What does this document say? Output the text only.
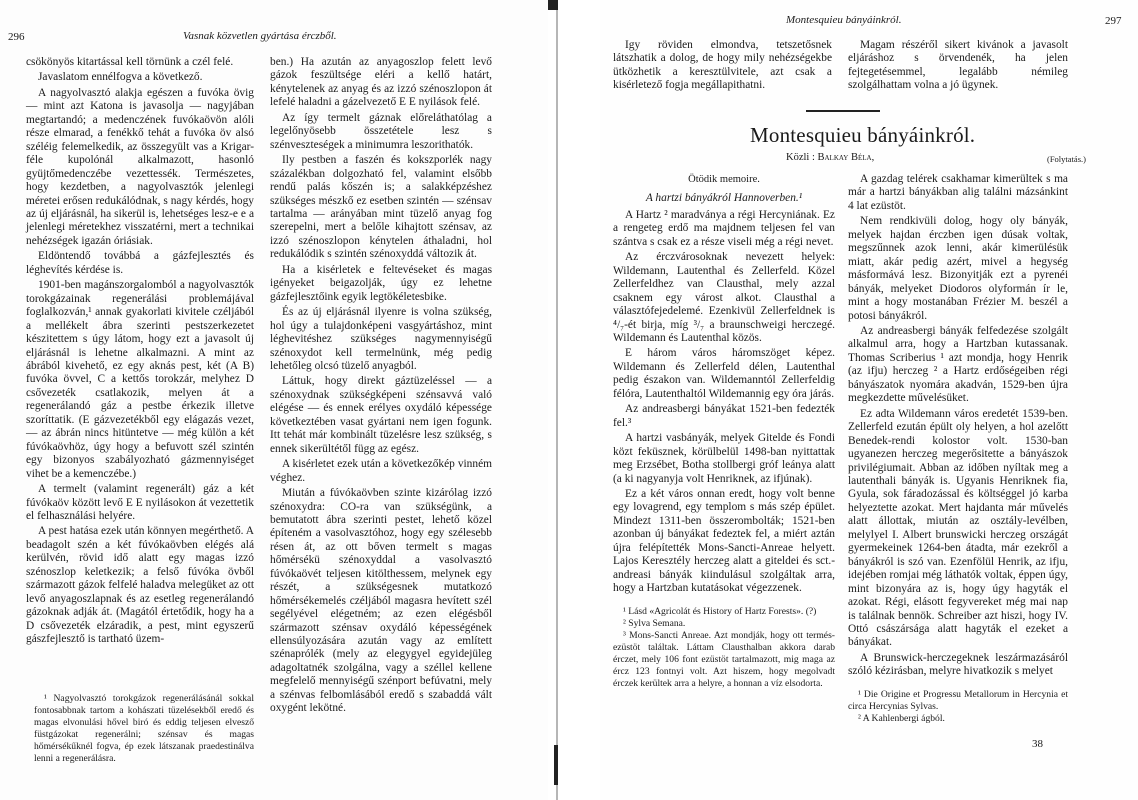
296	Vasnak közvetlen gyártása érczből.

csökönyös kitartással kell törnünk a czél felé.

Javaslatom ennélfogva a következő.

A nagyolvasztó alakja egészen a fuvóka övig — mint azt Katona is javasolja — nagyjában megtartandó; a medenczének fuvókaövön alóli része elmarad, a fenékkő tehát a fuvóka öv alsó széléig felemelkedik, az összegyült vas a Krigar-féle kupolónál alkalmazott, hasonló gyüjtőmedenczébe vezettessék. Természetes, hogy kezdetben, a nagyolvasztók jelenlegi méretei erősen redukálódnak, s nagy kérdés, hogy az új eljárásnál, ha sikerül is, lehetséges lesz-e e a jelenlegi méretekhez visszatérni, mert a technikai nehézségek igazán óriásiak.

Eldöntendő továbbá a gázfejlesztés és léghevítés kérdése is.

1901-ben magánszorgalomból a nagyolvasztók torokgázainak regenerálási problemájával foglalkozván,¹ annak gyakorlati kivitele czéljából a mellékelt ábra szerinti pestszerkezetet készitettem s úgy látom, hogy ezt a javasolt új eljárásnál is lehetne alkalmazni. A mint az ábrából kivehető, ez egy aknás pest, két (A B) fuvóka övvel, C a kettős torokzár, melyhez D csővezeték csatlakozik, melyen át a regenerálandó gáz a pestbe érkezik illetve szoríttatik. (E gázvezetékből egy elágazás vezet, — az ábrán nincs hitüntetve — még külön a két fúvókaövhöz, úgy hogy a befuvott szél szintén egy bizonyos szabályozható gázmennyiséget vihet be a kemenczébe.)

A termelt (valamint regenerált) gáz a két fúvókaöv között levő E E nyilásokon át vezettetik el felhasználási helyére.

A pest hatása ezek után könnyen megérthető. A beadagolt szén a két fúvókaövben elégés alá kerülvén, rövid idő alatt egy magas izzó szénoszlop keletkezik; a felső fúvóka övből származott gázok felfelé haladva melegüket az ott levő anyagoszlapnak és az esetleg regenerálandó gázoknak adják át. (Magától értetődik, hogy ha a D csővezeték elzáradik, a pest, mint egyszerű gászfejlesztő is tartható üzem-

¹ Nagyolvasztó torokgázok regenerálásánál sokkal fontosabbnak tartom a kohászati tüzelésekből eredő és magas elvonulási hővel biró és eddig teljesen elvesző füstgázokat regenerálni; szénsav és magas hőmérsékűknél fogva, ép ezek látszanak praedestinálva lenni a regenerálásra.

ben.) Ha azután az anyagoszlop felett levő gázok feszültsége eléri a kellő határt, kénytelenek az anyag és az izzó szénoszlopon át lefelé haladni a gázelvezető E E nyilások felé.

Az így termelt gáznak előreláthatólag a legelőnyösebb összetétele lesz s szénveszteségek a minimumra leszorithatók.

Ily pestben a faszén és kokszporlék nagy százalékban dolgozható fel, valamint elsőbb rendű palás kőszén is; a salakképzéshez szükséges mészkő ez esetben szintén — szénsav tartalma — arányában mint tüzelő anyag fog szerepelni, mert a belőle kihajtott szénsav, az izzó szénoszlopon kénytelen áthaladni, hol redukálódik s szintén szénoxyddá változik át.

Ha a kisérletek e feltevéseket és magas igényeket beigazolják, úgy ez lehetne gázfejlesztőink egyik legtökéletesbike.

És az új eljárásnál ilyenre is volna szükség, hol úgy a tulajdonképeni vasgyártáshoz, mint léghevitéshez szükséges nagymennyiségű szénoxydot kell termelnünk, még pedig lehetőleg olcsó tüzelő anyagból.

Láttuk, hogy direkt gáztüzeléssel — a szénoxydnak szükségképeni szénsavvá való elégése — és ennek erélyes oxydáló képessége következtében vasat gyártani nem igen fogunk. Itt tehát már kombinált tüzelésre lesz szükség, s ennek sikerültétől függ az egész.

A kisérletet ezek után a következőkép vinném véghez.

Miután a fúvókaövben szinte kizárólag izzó szénoxydra: CO-ra van szükségünk, a bemutatott ábra szerinti pestet, lehető közel építeném a vasolvasztóhoz, hogy egy szélesebb résen át, az ott bőven termelt s magas hőmérsékü szénoxyddal a vasolvasztó fúvókaövét teljesen kitölthessem, melynek egy részét, a szükségesnek mutatkozó hőmérsékemelés czéljából magasra hevített szél segélyével elégetném; az ezen elégésből származott szénsav oxydáló képességének ellensúlyozására azután vagy az említett szénaprólék (mely az elegygyel egyidejüleg adagoltatnék szolgálna, vagy a széllel kellene megfelelő mennyiségű szénport befúvatni, mely a szénvas felbomlásából eredő s szabaddá vált oxygént lekötné.

Montesquieu bányáinkról.	297

Igy röviden elmondva, tetszetősnek látszhatik a dolog, de hogy mily nehézségekbe ütközhetik a keresztülvitele, azt csak a kisérletező fogja megállapithatni.

Magam részéről sikert kivánok a javasolt eljáráshoz s örvendenék, ha jelen fejtegetésemmel, legalább némileg szolgálhattam volna a jó ügynek.

Montesquieu bányáinkról.
Közli : Balkay Béla,	(Folytatás.)

Ötödik memoire.

A hartzi bányákról Hannoverben.¹

A Hartz ² maradványa a régi Hercyniának. Ez a rengeteg erdő ma majdnem teljesen fel van szántva s csak ez a része viseli még a régi nevet.

Az érczvárosoknak nevezett helyek: Wildemann, Lautenthal és Zellerfeld. Közel Zellerfeldhez van Clausthal, mely azzal csaknem egy várost alkot. Clausthal a választófejedelemé. Ezenkivül Zellerfeldnek is ⁴/₇-ét birja, míg ³/₇ a braunschweigi herczegé. Wildemann és Lautenthal közös.

E három város háromszöget képez. Wildemann és Zellerfeld délen, Lautenthal pedig északon van. Wildemanntól Zellerfeldig félóra, Lautenthaltól Wildemannig egy óra járás.

Az andreasbergi bányákat 1521-ben fedezték fel.³

A hartzi vasbányák, melyek Gitelde és Fondi közt feküsznek, körülbelül 1498-ban nyittattak meg Erzsébet, Botha stollbergi gróf leánya alatt (a ki nagyanyja volt Henriknek, az ifjúnak).

Ez a két város onnan eredt, hogy volt benne egy lovagrend, egy templom s más szép épület. Mindezt 1311-ben összerombolták; 1521-ben azonban új bányákat fedeztek fel, a miért aztán újra felépítették Mons-Sancti-Anreae helyett. Lajos Keresztély herczeg alatt a giteldei és sct.-andreasi bányák kiindulásul szolgáltak arra, hogy a Hartzban kutatásokat végezzenek.

¹ Lásd «Agricolát és History of Hartz Forests». (?)

² Sylva Semana.

³ Mons-Sancti Anreae. Azt mondják, hogy ott termés-ezüstöt találtak. Láttam Clausthalban akkora darab érczet, mely 106 font ezüstöt tartalmazott, mig maga az ércz 123 fontnyi volt. Azt hiszem, hogy megolvadt érczek kerültek arra a helyre, a honnan a víz elsodorta.

A gazdag telérek csakhamar kimerültek s ma már a hartzi bányákban alig találni mázsánkint 4 lat ezüstöt.

Nem rendkivüli dolog, hogy oly bányák, melyek hajdan érczben igen dúsak voltak, megszűnnek azok lenni, akár kimerülésük miatt, akár pedig azért, mivel a hegység másformává lesz. Bizonyitják ezt a pyrenéi bányák, melyeket Diodoros olyformán ír le, mint a hogy mostanában Frézier M. beszél a potosi bányákról.

Az andreasbergi bányák felfedezése szolgált alkalmul arra, hogy a Hartzban kutassanak. Thomas Scriberius ¹ azt mondja, hogy Henrik (az ifju) herczeg ² a Hartz erdőségeiben régi bányászatok nyomára akadván, 1529-ben újra megkezdette művelésüket.

Ez adta Wildemann város eredetét 1539-ben. Zellerfeld ezután épült oly helyen, a hol azelőtt Benedek-rendi kolostor volt. 1530-ban ugyanezen herczeg megerősitette a bányászok privilégiumait. Abban az időben nyíltak meg a lautenthali bányák is. Ugyanis Henriknek fia, Gyula, sok fáradozással és költséggel jó karba helyeztette azokat. Mert hajdanta már művelés alatt állottak, miután az osztály-levélben, melylyel I. Albert brunswicki herczeg országát gyermekeinek 1264-ben átadta, már ezekről a bányákról is szó van. Ezenfölül Henrik, az ifju, idejében romjai még láthatók voltak, éppen úgy, mint bizonyára az is, hogy úgy hagyták el azokat. Régi, elásott fegyvereket még mai nap is találnak bennök. Schreiber azt hiszi, hogy IV. Ottó császársága alatt hagyták el ezeket a bányákat.

A Brunswick-herczegeknek leszármazásáról szóló kézirásban, melyre hivatkozik s melyet

¹ Die Origine et Progressu Metallorum in Hercynia et circa Hercynias Sylvas.

² A Kahlenbergi ágból.

38
